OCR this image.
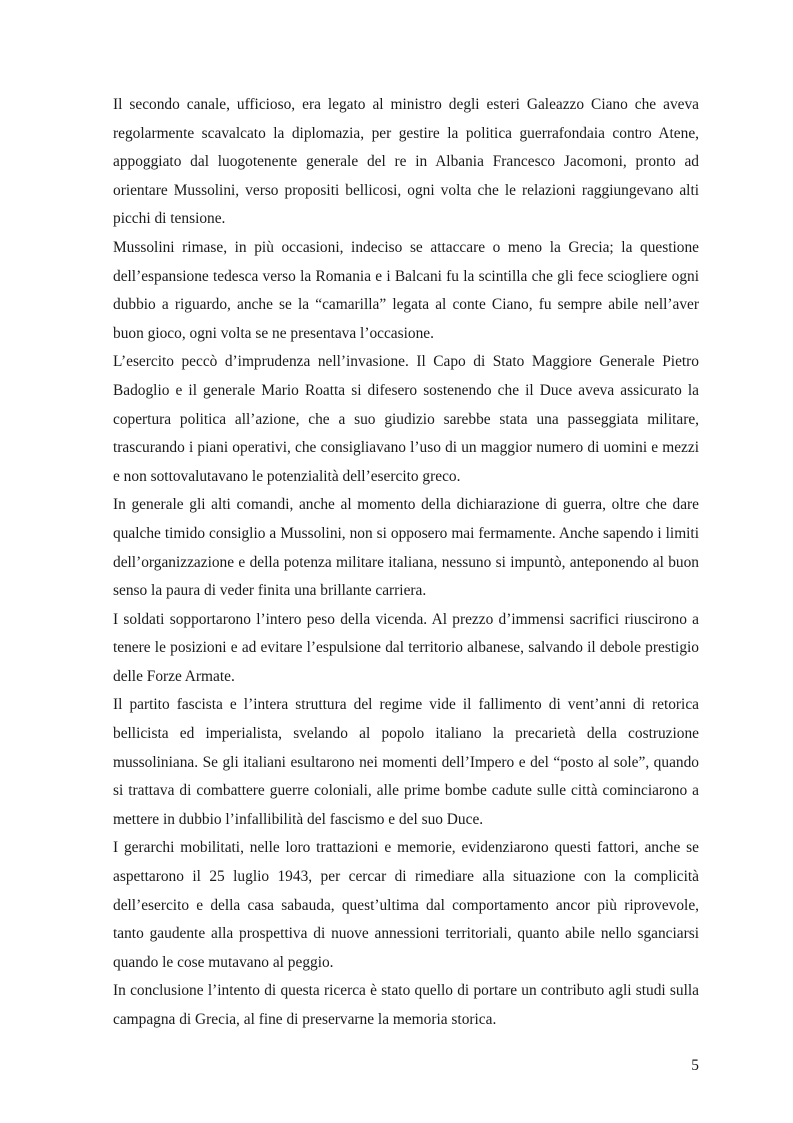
Il secondo canale, ufficioso, era legato al ministro degli esteri Galeazzo Ciano che aveva regolarmente scavalcato la diplomazia, per gestire la politica guerrafondaia contro Atene, appoggiato dal luogotenente generale del re in Albania Francesco Jacomoni, pronto ad orientare Mussolini, verso propositi bellicosi, ogni volta che le relazioni raggiungevano alti picchi di tensione.

Mussolini rimase, in più occasioni, indeciso se attaccare o meno la Grecia; la questione dell’espansione tedesca verso la Romania e i Balcani fu la scintilla che gli fece sciogliere ogni dubbio a riguardo, anche se la “camarilla” legata al conte Ciano, fu sempre abile nell’aver buon gioco, ogni volta se ne presentava l’occasione.

L’esercito peccò d’imprudenza nell’invasione. Il Capo di Stato Maggiore Generale Pietro Badoglio e il generale Mario Roatta si difesero sostenendo che il Duce aveva assicurato la copertura politica all’azione, che a suo giudizio sarebbe stata una passeggiata militare, trascurando i piani operativi, che consigliavano l’uso di un maggior numero di uomini e mezzi e non sottovalutavano le potenzialità dell’esercito greco.

In generale gli alti comandi, anche al momento della dichiarazione di guerra, oltre che dare qualche timido consiglio a Mussolini, non si opposero mai fermamente. Anche sapendo i limiti dell’organizzazione e della potenza militare italiana, nessuno si impuntò, anteponendo al buon senso la paura di veder finita una brillante carriera.

I soldati sopportarono l’intero peso della vicenda. Al prezzo d’immensi sacrifici riuscirono a tenere le posizioni e ad evitare l’espulsione dal territorio albanese, salvando il debole prestigio delle Forze Armate.

Il partito fascista e l’intera struttura del regime vide il fallimento di vent’anni di retorica bellicista ed imperialista, svelando al popolo italiano la precarietà della costruzione mussoliniana. Se gli italiani esultarono nei momenti dell’Impero e del “posto al sole”, quando si trattava di combattere guerre coloniali, alle prime bombe cadute sulle città cominciarono a mettere in dubbio l’infallibilità del fascismo e del suo Duce.

I gerarchi mobilitati, nelle loro trattazioni e memorie, evidenziarono questi fattori, anche se aspettarono il 25 luglio 1943, per cercar di rimediare alla situazione con la complicità dell’esercito e della casa sabauda, quest’ultima dal comportamento ancor più riprovevole, tanto gaudente alla prospettiva di nuove annessioni territoriali, quanto abile nello sganciarsi quando le cose mutavano al peggio.

In conclusione l’intento di questa ricerca è stato quello di portare un contributo agli studi sulla campagna di Grecia, al fine di preservarne la memoria storica.

5
